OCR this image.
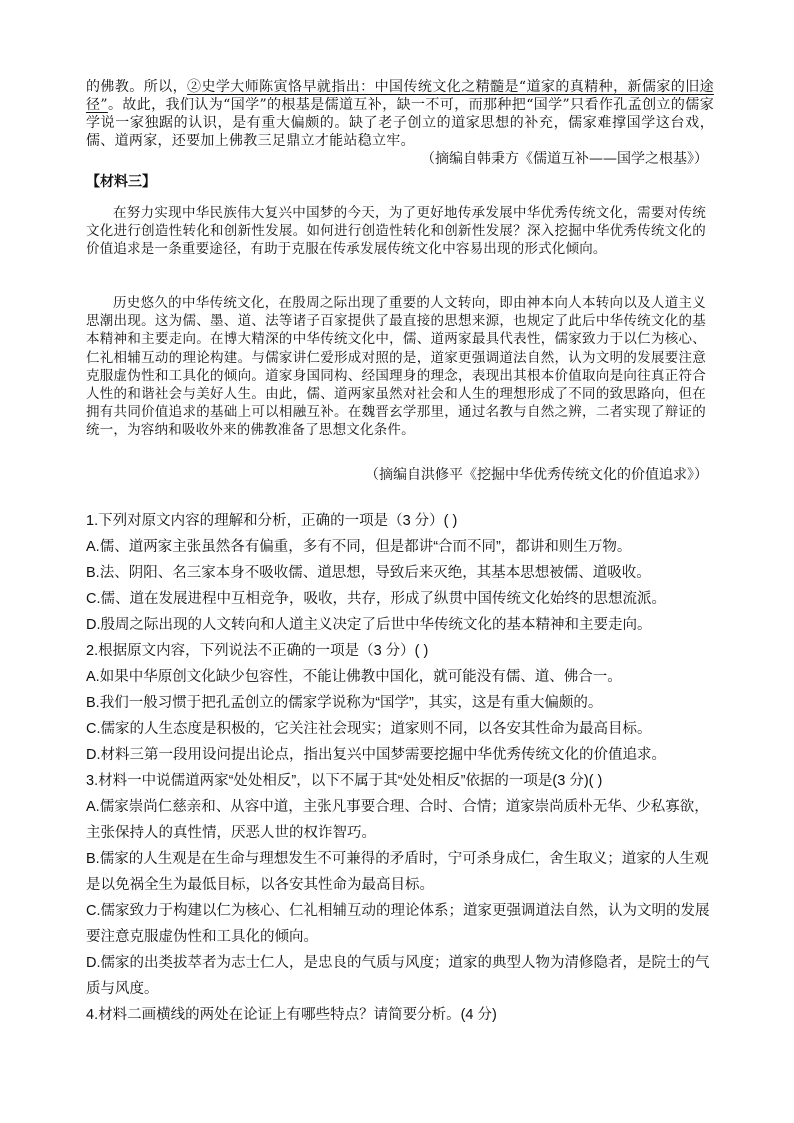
的佛教。所以，②史学大师陈寅恪早就指出：中国传统文化之精髓是“道家的真精种，新儒家的旧途径”。故此，我们认为“国学”的根基是儒道互补，缺一不可，而那种把“国学”只看作孔孟创立的儒家学说一家独踞的认识，是有重大偏颇的。缺了老子创立的道家思想的补充，儒家难撑国学这台戏，儒、道两家，还要加上佛教三足鼎立才能站稳立牢。
（摘编自韩秉方《儒道互补——国学之根基》）
【材料三】
在努力实现中华民族伟大复兴中国梦的今天，为了更好地传承发展中华优秀传统文化，需要对传统文化进行创造性转化和创新性发展。如何进行创造性转化和创新性发展？深入挖掘中华优秀传统文化的价值追求是一条重要途径，有助于克服在传承发展传统文化中容易出现的形式化倾向。
历史悠久的中华传统文化，在殷周之际出现了重要的人文转向，即由神本向人本转向以及人道主义思潮出现。这为儒、墨、道、法等诸子百家提供了最直接的思想来源，也规定了此后中华传统文化的基本精神和主要走向。在博大精深的中华传统文化中，儒、道两家最具代表性，儒家致力于以仁为核心、仁礼相辅互动的理论构建。与儒家讲仁爱形成对照的是，道家更强调道法自然，认为文明的发展要注意克服虚伪性和工具化的倾向。道家身国同构、经国理身的理念，表现出其根本价值取向是向往真正符合人性的和谐社会与美好人生。由此，儒、道两家虽然对社会和人生的理想形成了不同的致思路向，但在拥有共同价值追求的基础上可以相融互补。在魏晋玄学那里，通过名教与自然之辨，二者实现了辩证的统一，为容纳和吸收外来的佛教准备了思想文化条件。
（摘编自洪修平《挖掘中华优秀传统文化的价值追求》）
1.下列对原文内容的理解和分析，正确的一项是（3 分）( )
A.儒、道两家主张虽然各有偏重，多有不同，但是都讲“合而不同”，都讲和则生万物。
B.法、阴阳、名三家本身不吸收儒、道思想，导致后来灭绝，其基本思想被儒、道吸收。
C.儒、道在发展进程中互相竞争，吸收，共存，形成了纵贯中国传统文化始终的思想流派。
D.殷周之际出现的人文转向和人道主义决定了后世中华传统文化的基本精神和主要走向。
2.根据原文内容，下列说法不正确的一项是（3 分）( )
A.如果中华原创文化缺少包容性，不能让佛教中国化，就可能没有儒、道、佛合一。
B.我们一般习惯于把孔孟创立的儒家学说称为“国学”，其实，这是有重大偏颇的。
C.儒家的人生态度是积极的，它关注社会现实；道家则不同，以各安其性命为最高目标。
D.材料三第一段用设问提出论点，指出复兴中国梦需要挖掘中华优秀传统文化的价值追求。
3.材料一中说儒道两家“处处相反”，以下不属于其“处处相反”依据的一项是(3 分)( )
A.儒家崇尚仁慈亲和、从容中道，主张凡事要合理、合时、合情；道家崇尚质朴无华、少私寡欲，主张保持人的真性情，厌恶人世的权诈智巧。
B.儒家的人生观是在生命与理想发生不可兼得的矛盾时，宁可杀身成仁，舍生取义；道家的人生观是以免祸全生为最低目标，以各安其性命为最高目标。
C.儒家致力于构建以仁为核心、仁礼相辅互动的理论体系；道家更强调道法自然，认为文明的发展要注意克服虚伪性和工具化的倾向。
D.儒家的出类拔萃者为志士仁人，是忠良的气质与风度；道家的典型人物为清修隐者，是院士的气质与风度。
4.材料二画横线的两处在论证上有哪些特点？请简要分析。(4 分)
